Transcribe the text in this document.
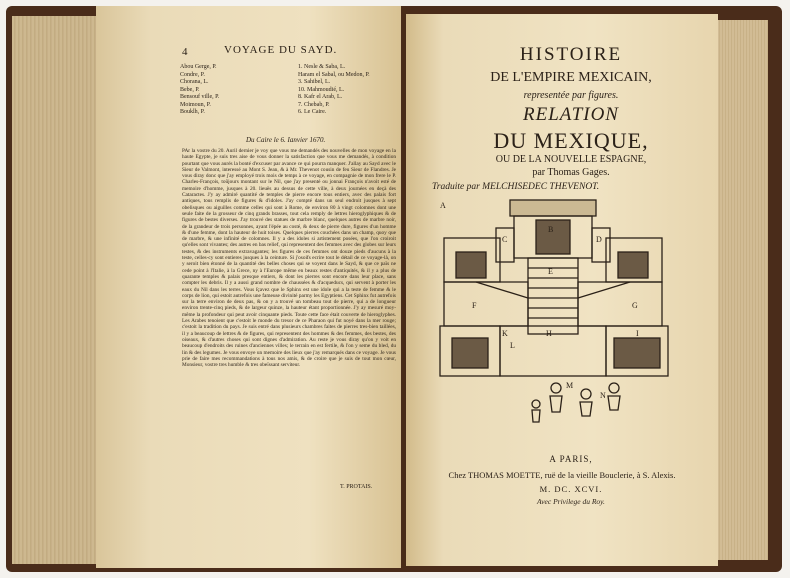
4	VOYAGE DU SAYD.
Abou Gerge, P.
Condre, P.
Chorana, L.
Bebe, P.
Bensouf ville, P.
Moimoun, P.
Bouklh, P.
1. Nesle & Saba, L.
Haram el Sabal, ou Medon, P.
3. Sahibel, L.
10. Mahmoudié, L.
8. Kafr el Arab, L.
7. Chebab, P.
6. Le Caire.
Du Caire le 6. Ianvier 1670.
PAr la vostre du 20. Auril dernier je voy que vous me demandés des nouvelles de mon voyage en la haute Egypte, je suis tres aise de vous donner la satisfaction que vous me demandés, à condition pourtant que vous aurés la bonté d'excuser par avance ce qui pourra manquer. J'allay au Sayd avec le Sieur de Valmont, interessé au Mont S. Jean, & à Mr. Thevenot cousin de feu Sieur de Flandres. Je vous diray donc que j'ay employé trois mois de temps à ce voyage, en compagnie de mon frere le P. Charles-François, toûjours montant sur le Nil, que j'ay presenté ou jonnai François n'avoit esté de memoire d'homme, jusques à 20. lieuës au dessus de cette ville, à deux journées en deçà des Cataractes. J'y ay admiré quantité de temples de pierre encore tous entiers, avec des palais fort antiques, tous remplis de figures & d'idoles. J'ay compté dans un seul endroit jusques à sept obelisques ou aiguilles comme celles qui sont à Rome, de environ 80 à vingt colomnes dont une seule faite de la grosseur de cinq grands brasses, tout cela remply de lettres hieroglyphiques & de figures de bestes diverses. J'ay trouvé des statues de marbre blanc, quelques autres de marbre noir, de la grandeur de trois personnes, ayant l'épée au costé, & deux de pierre dure, figures d'un homme & d'une femme, dont la hauteur de huit toises. Quelques pierres couchées dans un champ, quoy que de marbre, & une infinité de colomnes. Il y a des idoles si artistement posées, que l'on croiroit qu'elles sont vivantes; des autres en bas relief, qui representent des femmes avec des globes sur leurs testes, & des instruments extravagantes; les figures de ces femmes ont douze pieds d'aucuns à la teste, celles-cy sont entieres jusques à la ceinture. Si j'osoifs ecrire tout le détail de ce voyage-là, on y seroit bien étonné de la quantité des belles choses qui se voyent dans le Sayd, & que ce païs ne cede point à l'Italie, à la Grece, ny à l'Europe même en beaux restes d'antiquités, & il y a plus de quarante temples & palais presque entiers, & dont les pierres sont encore dans leur place, sans compter les debris. Il y a aussi grand nombre de chaussées & d'acqueducs, qui servent à porter les eaux du Nil dans les terres. Vous ſçavez que le Sphinx est une idole qui a la teste de femme & le corps de lion, qui estoit autrefois une fameuse divinité parmy les Egyptiens. Cet Sphinx fut autrefois sur la terre environ de deux pas, & on y a trouvé un tombeau tout de pierre, qui a de longueur environ trente-cinq pieds, & de largeur quinze, la hauteur étant proportionnée. J'y ay mesuré moy-même la profondeur qui peut avoir cinquante pieds. Toute cette face était couverte de hieroglyphes. Les Arabes tenoient que c'estoit le monde du tresor de ce Pharaon qui fut noyé dans la mer rouge; c'estoit la tradition du pays. Je suis entré dans plusieurs chambres faites de pierres tres-bien taillées, il y a beaucoup de lettres & de figures, qui representent des hommes & des femmes, des bestes, des oiseaux, & d'autres choses qui sont dignes d'admiration. Au reste je vous diray qu'on y voit en beaucoup d'endroits des ruines d'anciennes villes; le terrain en est fertile, & l'on y seme du bled, du lin & des legumes. Je vous envoye un memoire des lieux que j'ay remarqués dans ce voyage. Je vous prie de faire mes recommandations à tous nos amis, & de croire que je suis de tout mon cœur, Monsieur, vostre tres humble & tres obeïssant serviteur.
T. PROTAIS.
HISTOIRE
DE L'EMPIRE MEXICAIN,
representée par figures.
RELATION
DU MEXIQUE,
OU DE LA NOUVELLE ESPAGNE,
par Thomas Gages.
Traduite par MELCHISEDEC THEVENOT.
A
B
C	D
E
F	G
H	I
K
L
M
N
A PARIS,
Chez THOMAS MOETTE, ruë de la vieille Bouclerie, à S. Alexis.
M. DC. XCVI.
Avec Privilege du Roy.
